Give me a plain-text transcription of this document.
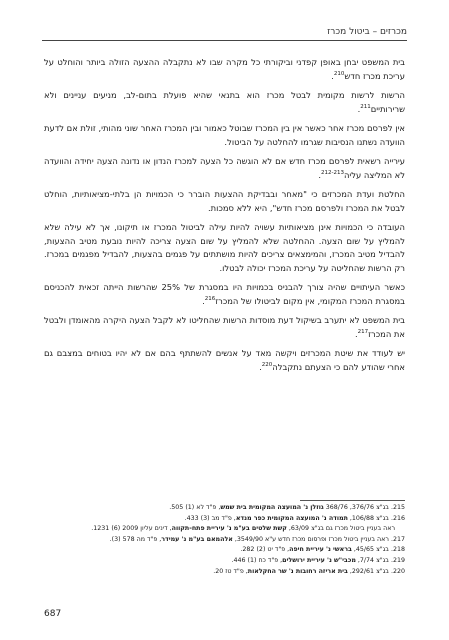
מכרזים – ביטול מכרז

בית המשפט יבחן באופן קפדני וביקורתי כל מקרה שבו לא נתקבלה ההצעה הזולה ביותר והוחלט על עריכת מכרז חדש$^{210}$.

הרשות לרשות מקומית לבטל מכרז הוא בתנאי שהיא פועלת בתום-לב, מניעים עניינים ולא שרירותיים$^{211}$.

אין לפרסם מכרז אחר כאשר אין בין המכרז שבוטל כאמור ובין המכרז האחר שוני מהותי, זולת אם לדעת הוועדה נשתנו הנסיבות שגרמו להחלטה על הביטול.

עירייה רשאית לפרסם מכרז חדש אם לא הוגשה כל הצעה למכרז הנדון או נדונה הצעה יחידה והוועדה לא המליצה עליה$^{212-213}$.

החלטת ועדת המכרזים כי "מאחר ובבדיקת ההצעות הוברר כי הכמויות הן בלתי-מציאותיות, הוחלט לבטל את המכרז ולפרסם מכרז חדש", היא ללא סמכות.

העובדה כי הכמויות אינן מציאותיות עשויה להיות עילה לביטול המכרז או תיקונו, אך לא עילה שלא להמליץ על שום הצעה. ההחלטה שלא להמליץ על שום הצעה צריכה להיות נובעת מטיב ההצעות, להבדיל מטיב המכרז, והמימצאים צריכים להיות מושתתים על פגמים בהצעות, להבדיל מפגמים במכרז. רק הרשות שהחליטה על עריכת המכרז יכולה לבטלו.

כאשר העיתויים שהיה צורך להבניס בכמויות היו במסגרת של 25% שהרשות הייתה זכאית להכניסם במסגרת המכרז המקומי, אין מקום לביטולו של המכרז$^{216}$.

בית המשפט לא יתערב בשיקול דעת מוסדות הרשות שהחליטו לא לקבל הצעה היקרה מהאומדן ולבטל את המכרז$^{217}$.

יש לעודד את שיטת המכרזים ויקשה מאד על אנשים להשתתף בהם אם לא יהיו בטוחים במצבם גם אחרי שהודע להם כי הצעתם נתקבלה$^{220}$.

215. בג"צ 376/76, 368/76 גוזלן נ' המועצה המקומית בית שמש, פ"ד לא (1) 505.

216. בג"צ 106/88, תמודה נ' המועצה המקומית כפר מנדא, פ"ד מב (3) 433.

ראה בעניין ביטול מכרז גם בג"צ 63/09, קשת שלטים בע"מ נ' עיריית פתח-תקווה, דינים עליון 2009 (6) 1231.

217. ראה בעניין ביטול מכרז ופרסום מכרז חדש ע"א 3549/90, אלהמאם בע"מ נ' עמידר, פ"ד מה 578 (3).

218. בג"צ 45/65, בראשי נ' עיריית חיפה, פ"ד יט (2) 282.

219. בג"צ 7/74, מכבי"ש נ' עיריית ירושלים, פ"ד כח (1) 446.

220. בג"צ 292/61, בית אריזה רחובות נ' שר החקלאות, פ"ד טז 20.

687
